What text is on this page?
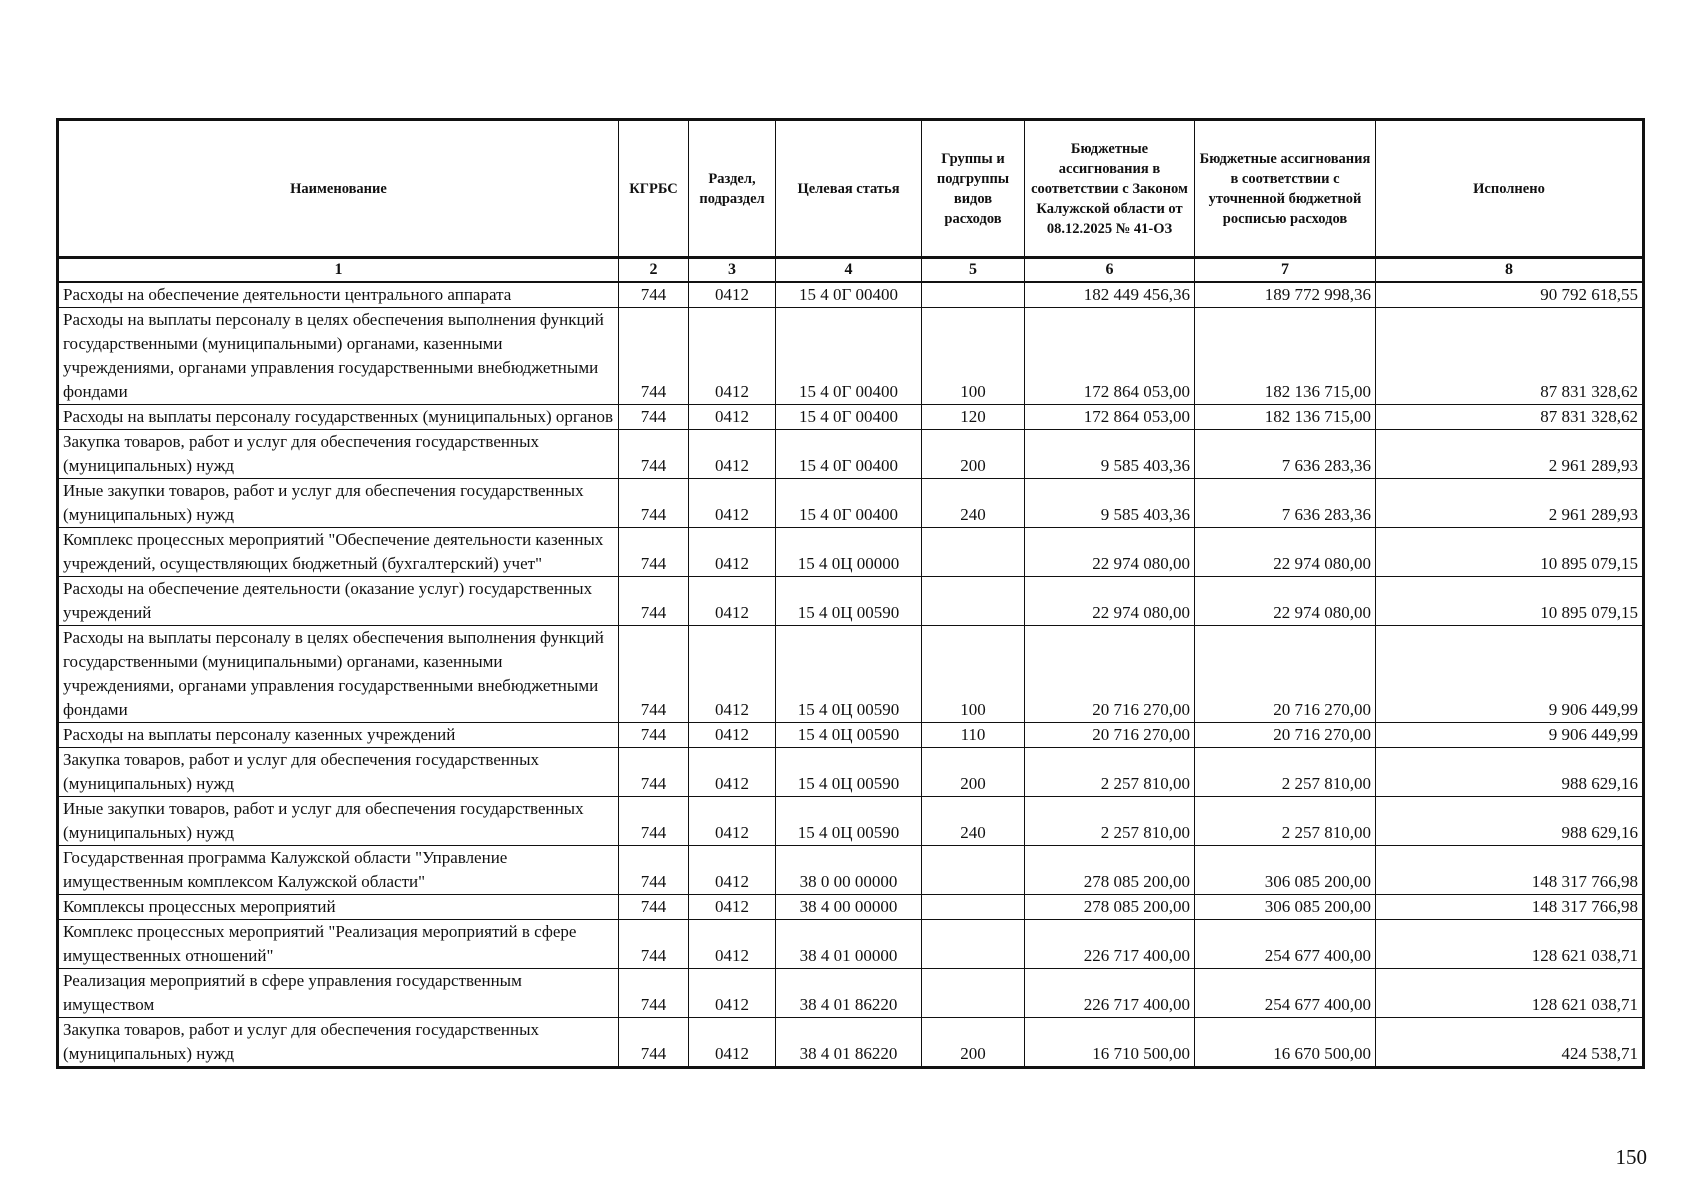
Наименование	КГРБС	Раздел, подраздел	Целевая статья	Группы и подгруппы видов расходов	Бюджетные ассигнования в соответствии с Законом Калужской области от 08.12.2025 № 41-ОЗ	Бюджетные ассигнования в соответствии с уточненной бюджетной росписью расходов	Исполнено
1	2	3	4	5	6	7	8
Расходы на обеспечение деятельности центрального аппарата	744	0412	15 4 0Г 00400		182 449 456,36	189 772 998,36	90 792 618,55
Расходы на выплаты персоналу в целях обеспечения выполнения функций государственными (муниципальными) органами, казенными учреждениями, органами управления государственными внебюджетными фондами	744	0412	15 4 0Г 00400	100	172 864 053,00	182 136 715,00	87 831 328,62
Расходы на выплаты персоналу государственных (муниципальных) органов	744	0412	15 4 0Г 00400	120	172 864 053,00	182 136 715,00	87 831 328,62
Закупка товаров, работ и услуг для обеспечения государственных (муниципальных) нужд	744	0412	15 4 0Г 00400	200	9 585 403,36	7 636 283,36	2 961 289,93
Иные закупки товаров, работ и услуг для обеспечения государственных (муниципальных) нужд	744	0412	15 4 0Г 00400	240	9 585 403,36	7 636 283,36	2 961 289,93
Комплекс процессных мероприятий "Обеспечение деятельности казенных учреждений, осуществляющих бюджетный (бухгалтерский) учет"	744	0412	15 4 0Ц 00000		22 974 080,00	22 974 080,00	10 895 079,15
Расходы на обеспечение деятельности (оказание услуг) государственных учреждений	744	0412	15 4 0Ц 00590		22 974 080,00	22 974 080,00	10 895 079,15
Расходы на выплаты персоналу в целях обеспечения выполнения функций государственными (муниципальными) органами, казенными учреждениями, органами управления государственными внебюджетными фондами	744	0412	15 4 0Ц 00590	100	20 716 270,00	20 716 270,00	9 906 449,99
Расходы на выплаты персоналу казенных учреждений	744	0412	15 4 0Ц 00590	110	20 716 270,00	20 716 270,00	9 906 449,99
Закупка товаров, работ и услуг для обеспечения государственных (муниципальных) нужд	744	0412	15 4 0Ц 00590	200	2 257 810,00	2 257 810,00	988 629,16
Иные закупки товаров, работ и услуг для обеспечения государственных (муниципальных) нужд	744	0412	15 4 0Ц 00590	240	2 257 810,00	2 257 810,00	988 629,16
Государственная программа Калужской области "Управление имущественным комплексом Калужской области"	744	0412	38 0 00 00000		278 085 200,00	306 085 200,00	148 317 766,98
Комплексы процессных мероприятий	744	0412	38 4 00 00000		278 085 200,00	306 085 200,00	148 317 766,98
Комплекс процессных мероприятий "Реализация мероприятий в сфере имущественных отношений"	744	0412	38 4 01 00000		226 717 400,00	254 677 400,00	128 621 038,71
Реализация мероприятий в сфере управления государственным имуществом	744	0412	38 4 01 86220		226 717 400,00	254 677 400,00	128 621 038,71
Закупка товаров, работ и услуг для обеспечения государственных (муниципальных) нужд	744	0412	38 4 01 86220	200	16 710 500,00	16 670 500,00	424 538,71
150
